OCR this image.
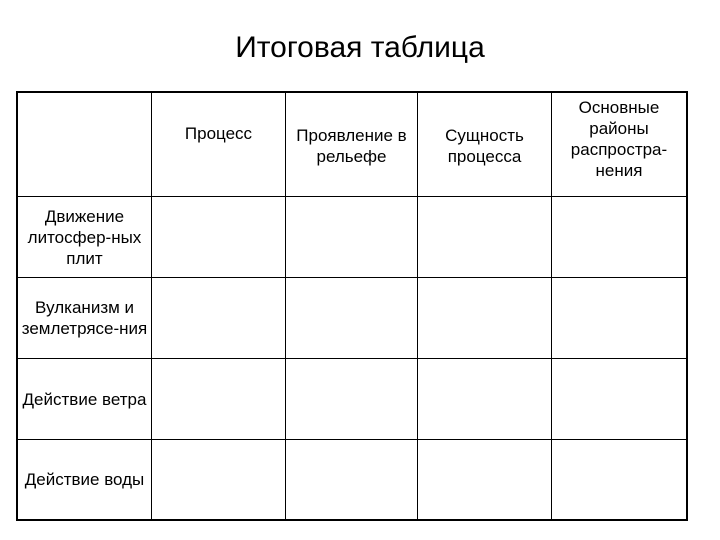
Итоговая таблица
	Процесс	Проявление в рельефе	Сущность процесса	Основные районы распростра-нения
Движение литосфер-ных плит				
Вулканизм и землетрясе-ния				
Действие ветра				
Действие воды				
